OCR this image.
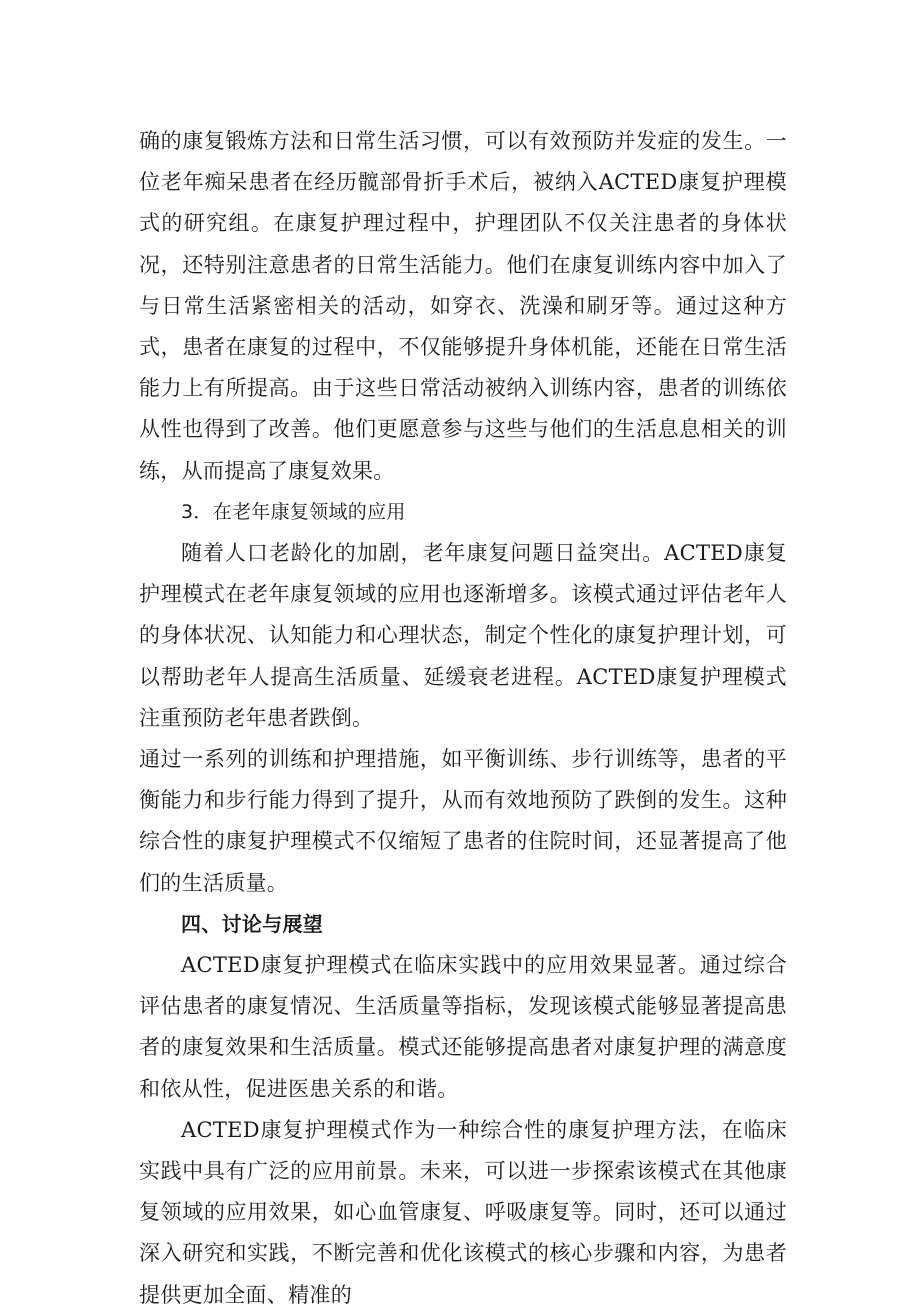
确的康复锻炼方法和日常生活习惯，可以有效预防并发症的发生。一位老年痴呆患者在经历髋部骨折手术后，被纳入ACTED康复护理模式的研究组。在康复护理过程中，护理团队不仅关注患者的身体状况，还特别注意患者的日常生活能力。他们在康复训练内容中加入了与日常生活紧密相关的活动，如穿衣、洗澡和刷牙等。通过这种方式，患者在康复的过程中，不仅能够提升身体机能，还能在日常生活能力上有所提高。由于这些日常活动被纳入训练内容，患者的训练依从性也得到了改善。他们更愿意参与这些与他们的生活息息相关的训练，从而提高了康复效果。

3．在老年康复领域的应用

随着人口老龄化的加剧，老年康复问题日益突出。ACTED康复护理模式在老年康复领域的应用也逐渐增多。该模式通过评估老年人的身体状况、认知能力和心理状态，制定个性化的康复护理计划，可以帮助老年人提高生活质量、延缓衰老进程。ACTED康复护理模式注重预防老年患者跌倒。

通过一系列的训练和护理措施，如平衡训练、步行训练等，患者的平衡能力和步行能力得到了提升，从而有效地预防了跌倒的发生。这种综合性的康复护理模式不仅缩短了患者的住院时间，还显著提高了他们的生活质量。

四、讨论与展望

ACTED康复护理模式在临床实践中的应用效果显著。通过综合评估患者的康复情况、生活质量等指标，发现该模式能够显著提高患者的康复效果和生活质量。模式还能够提高患者对康复护理的满意度和依从性，促进医患关系的和谐。

ACTED康复护理模式作为一种综合性的康复护理方法，在临床实践中具有广泛的应用前景。未来，可以进一步探索该模式在其他康复领域的应用效果，如心血管康复、呼吸康复等。同时，还可以通过深入研究和实践，不断完善和优化该模式的核心步骤和内容，为患者提供更加全面、精准的
